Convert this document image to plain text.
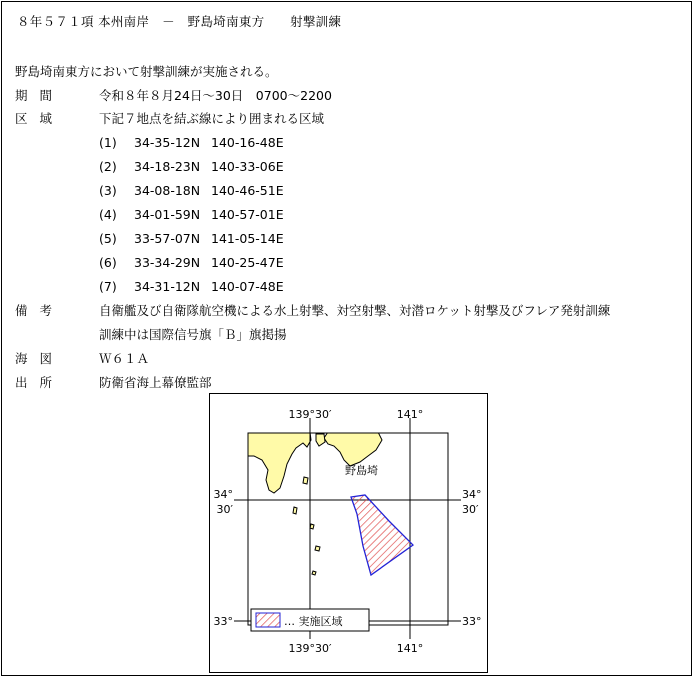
８年５７１項 本州南岸　－　野島埼南東方　　射撃訓練
野島埼南東方において射撃訓練が実施される。
期間	令和８年８月24日～30日　0700～2200
区域	下記７地点を結ぶ線により囲まれる区域
(1) 34-35-12N 140-16-48E
(2) 34-18-23N 140-33-06E
(3) 34-08-18N 140-46-51E
(4) 34-01-59N 140-57-01E
(5) 33-57-07N 141-05-14E
(6) 33-34-29N 140-25-47E
(7) 34-31-12N 140-07-48E
備考	自衛艦及び自衛隊航空機による水上射撃、対空射撃、対潜ロケット射撃及びフレア発射訓練
訓練中は国際信号旗「Ｂ」旗掲揚
海図	Ｗ６１Ａ
出所	防衛省海上幕僚監部
野島埼
139°30′	141°
139°30′	141°
34°
30′
34°
30′
33°	33°
… 実施区域
